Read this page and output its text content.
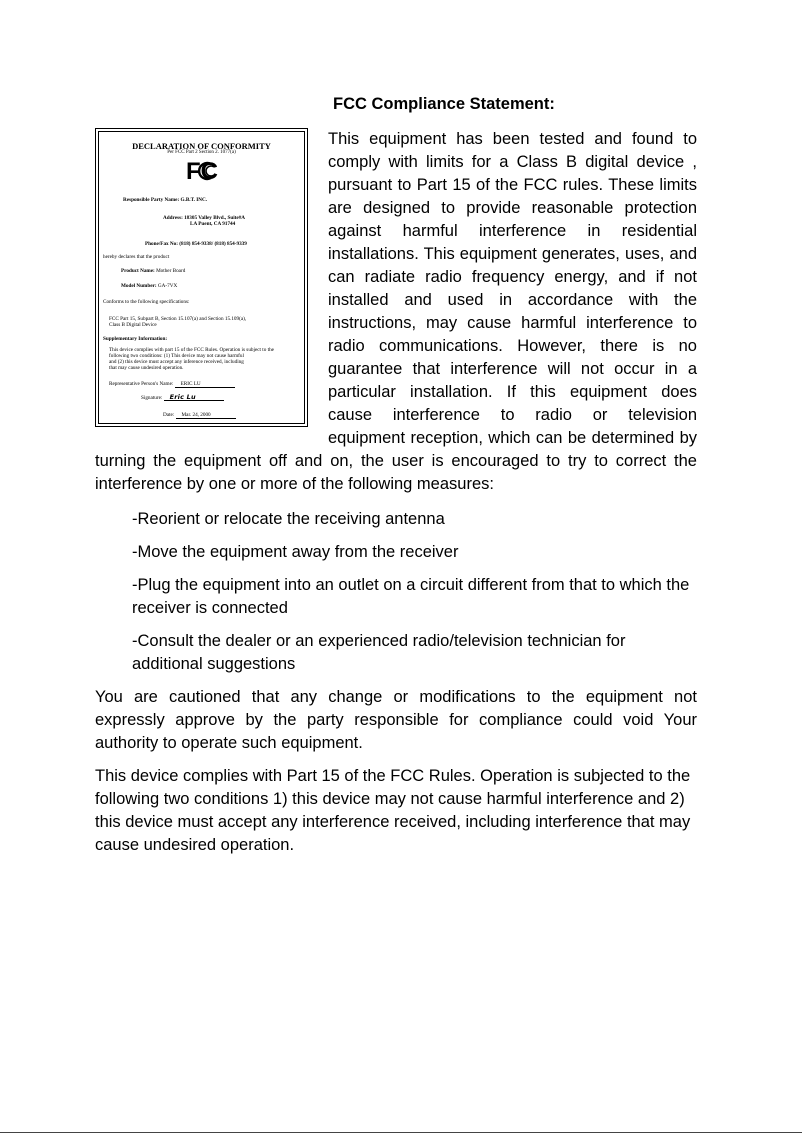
FCC Compliance Statement:
DECLARATION OF CONFORMITY
Per FCC Part 2 Section 2. 1077(a)
FC
Responsible Party Name: G.B.T. INC.
Address: 18305 Valley Blvd., Suite#A
LA Puent, CA 91744
Phone/Fax No: (818) 854-9338/ (818) 854-9339
hereby declares that the product
Product Name: Mother Board
Model Number: GA-7VX
Conforms to the following specifications:
FCC Part 15, Subpart B, Section 15.107(a) and Section 15.109(a),
Class B Digital Device
Supplementary Information:
This device complies with part 15 of the FCC Rules. Operation is subject to the
following two conditions: (1) This device may not cause harmful
and (2) this device must accept any inference received, including
that may cause undesired operation.
Representative Person's Name: ERIC LU
Signature: Eric Lu
Date: Mar. 24, 2000

This equipment has been tested and found to comply with limits for a Class B digital device , pursuant to Part 15 of the FCC rules. These limits are designed to provide reasonable protection against harmful interference in residential installations. This equipment generates, uses, and can radiate radio frequency energy, and if not installed and used in accordance with the instructions, may cause harmful interference to radio communications. However, there is no guarantee that interference will not occur in a particular installation. If this equipment does cause interference to radio or television equipment reception, which can be determined by turning the equipment off and on, the user is encouraged to try to correct the interference by one or more of the following measures:

-Reorient or relocate the receiving antenna
-Move the equipment away from the receiver
-Plug the equipment into an outlet on a circuit different from that to which the receiver is connected
-Consult the dealer or an experienced radio/television technician for additional suggestions

You are cautioned that any change or modifications to the equipment not expressly approve by the party responsible for compliance could void Your authority to operate such equipment.

This device complies with Part 15 of the FCC Rules. Operation is subjected to the following two conditions 1) this device may not cause harmful interference and 2) this device must accept any interference received, including interference that may cause undesired operation.
